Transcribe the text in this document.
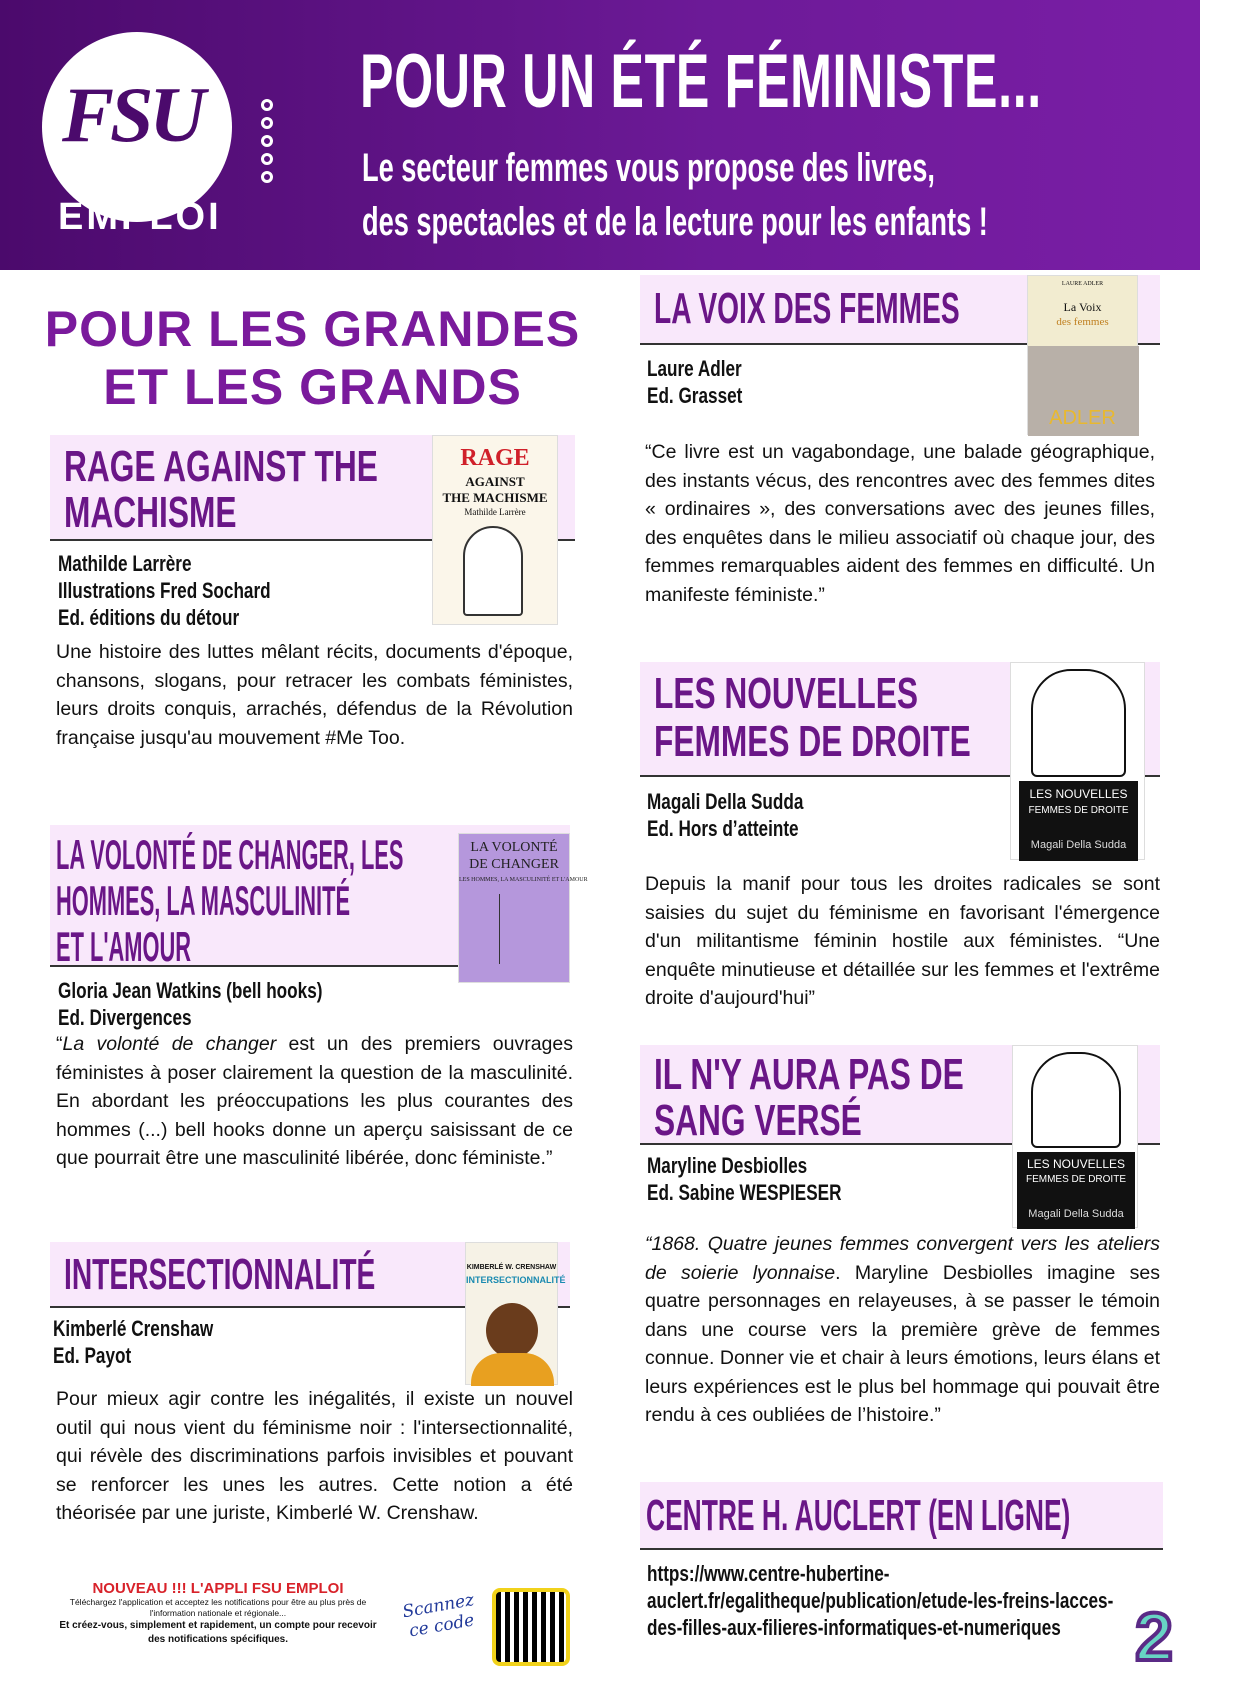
FSU
EMPLOI
POUR UN ÉTÉ FÉMINISTE...
Le secteur femmes vous propose des livres,
des spectacles et de la lecture pour les enfants !
POUR LES GRANDES
ET LES GRANDS
RAGE AGAINST THE
MACHISME
RAGE
AGAINST
THE MACHISME
Mathilde Larrère
Mathilde Larrère
Illustrations Fred Sochard
Ed. éditions du détour
Une histoire des luttes mêlant récits, documents d'époque, chansons, slogans, pour retracer les combats féministes, leurs droits conquis, arrachés, défendus de la Révolution française jusqu'au mouvement #Me Too.
LA VOLONTÉ DE CHANGER, LES
HOMMES, LA MASCULINITÉ
ET L'AMOUR
LA VOLONTÉ
DE CHANGER
LES HOMMES, LA MASCULINITÉ ET L'AMOUR
Gloria Jean Watkins (bell hooks)
Ed. Divergences
“La volonté de changer est un des premiers ouvrages féministes à poser clairement la question de la masculinité. En abordant les préoccupations les plus courantes des hommes (...) bell hooks donne un aperçu saisissant de ce que pourrait être une masculinité libérée, donc féministe.”
INTERSECTIONNALITÉ	KIMBERLÉ W. CRENSHAW
INTERSECTIONNALITÉ
Kimberlé Crenshaw
Ed. Payot
Pour mieux agir contre les inégalités, il existe un nouvel outil qui nous vient du féminisme noir : l'intersectionnalité, qui révèle des discriminations parfois invisibles et pouvant se renforcer les unes les autres. Cette notion a été théorisée par une juriste, Kimberlé W. Crenshaw.
NOUVEAU !!! L'APPLI FSU EMPLOI
Téléchargez l'application et acceptez les notifications pour être au plus près de l'information nationale et régionale...
Et créez-vous, simplement et rapidement, un compte pour recevoir des notifications spécifiques.
Scannez ce code
LA VOIX DES FEMMES	LAURE ADLER
La Voix
des femmes
ADLER
Laure Adler
Ed. Grasset
“Ce livre est un vagabondage, une balade géographique, des instants vécus, des rencontres avec des femmes dites « ordinaires », des conversations avec des jeunes filles, des enquêtes dans le milieu associatif où chaque jour, des femmes remarquables aident des femmes en difficulté. Un manifeste féministe.”
LES NOUVELLES
FEMMES DE DROITE
LES NOUVELLES
FEMMES DE DROITE
Magali Della Sudda
Magali Della Sudda
Ed. Hors d’atteinte
Depuis la manif pour tous les droites radicales se sont saisies du sujet du féminisme en favorisant l'émergence d'un militantisme féminin hostile aux féministes. “Une enquête minutieuse et détaillée sur les femmes et l'extrême droite d'aujourd'hui”
IL N'Y AURA PAS DE
SANG VERSÉ
LES NOUVELLES
FEMMES DE DROITE
Magali Della Sudda
Maryline Desbiolles
Ed. Sabine WESPIESER
“1868. Quatre jeunes femmes convergent vers les ateliers de soierie lyonnaise. Maryline Desbiolles imagine ses quatre personnages en relayeuses, à se passer le témoin dans une course vers la première grève de femmes connue. Donner vie et chair à leurs émotions, leurs élans et leurs expériences est le plus bel hommage qui pouvait être rendu à ces oubliées de l’histoire.”
CENTRE H. AUCLERT (EN LIGNE)
https://www.centre-hubertine-
auclert.fr/egalitheque/publication/etude-les-freins-lacces-
des-filles-aux-filieres-informatiques-et-numeriques	2
